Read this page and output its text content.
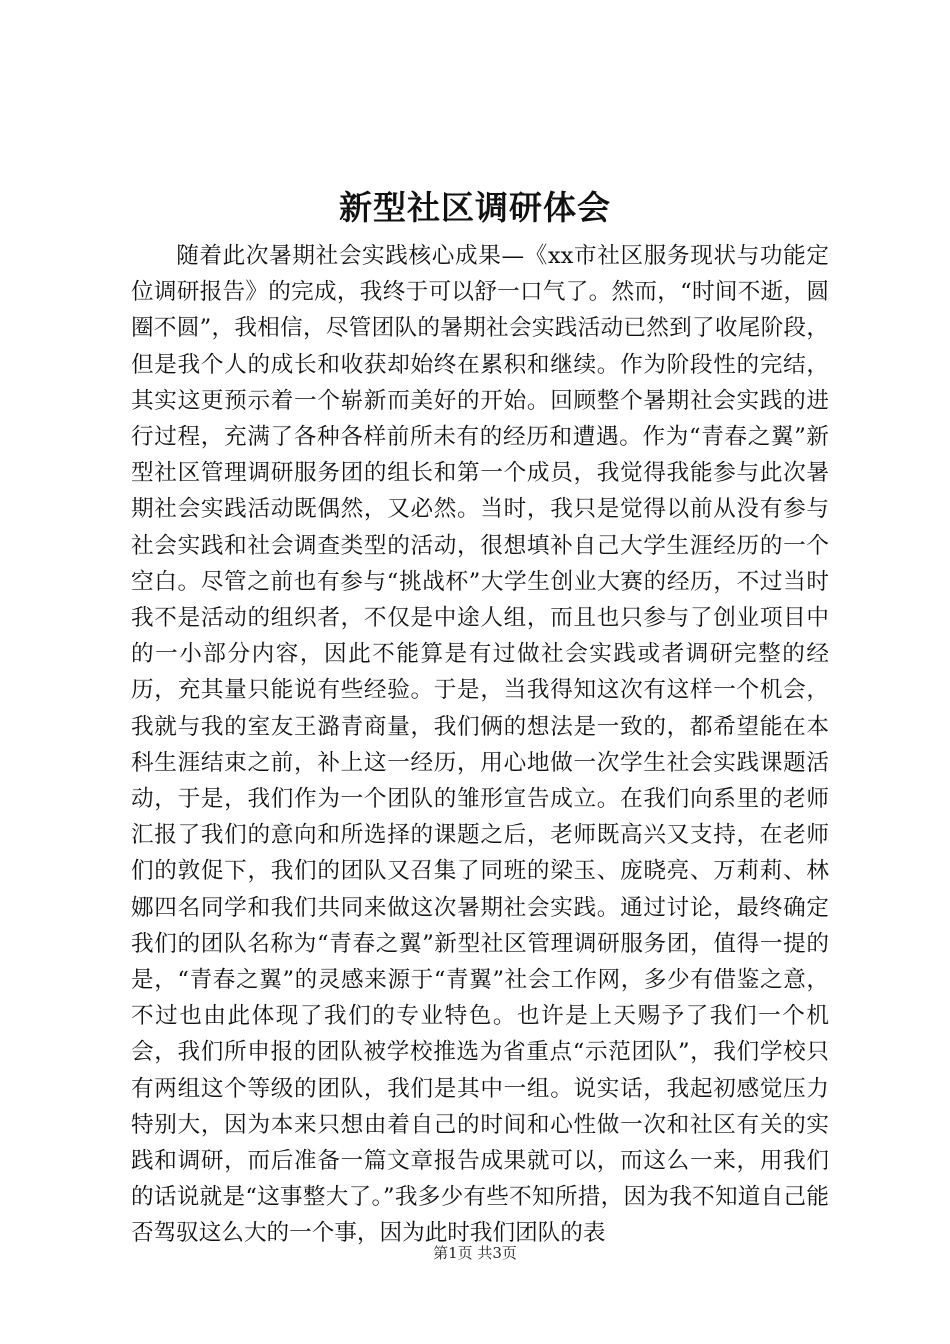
新型社区调研体会

随着此次暑期社会实践核心成果—《xx市社区服务现状与功能定位调研报告》的完成，我终于可以舒一口气了。然而，“时间不逝，圆圈不圆”，我相信，尽管团队的暑期社会实践活动已然到了收尾阶段，但是我个人的成长和收获却始终在累积和继续。作为阶段性的完结，其实这更预示着一个崭新而美好的开始。回顾整个暑期社会实践的进行过程，充满了各种各样前所未有的经历和遭遇。作为“青春之翼”新型社区管理调研服务团的组长和第一个成员，我觉得我能参与此次暑期社会实践活动既偶然，又必然。当时，我只是觉得以前从没有参与社会实践和社会调查类型的活动，很想填补自己大学生涯经历的一个空白。尽管之前也有参与“挑战杯”大学生创业大赛的经历，不过当时我不是活动的组织者，不仅是中途人组，而且也只参与了创业项目中的一小部分内容，因此不能算是有过做社会实践或者调研完整的经历，充其量只能说有些经验。于是，当我得知这次有这样一个机会，我就与我的室友王潞青商量，我们俩的想法是一致的，都希望能在本科生涯结束之前，补上这一经历，用心地做一次学生社会实践课题活动，于是，我们作为一个团队的雏形宣告成立。在我们向系里的老师汇报了我们的意向和所选择的课题之后，老师既高兴又支持，在老师们的敦促下，我们的团队又召集了同班的梁玉、庞晓亮、万莉莉、林娜四名同学和我们共同来做这次暑期社会实践。通过讨论，最终确定我们的团队名称为“青春之翼”新型社区管理调研服务团，值得一提的是，“青春之翼”的灵感来源于“青翼”社会工作网，多少有借鉴之意，不过也由此体现了我们的专业特色。也许是上天赐予了我们一个机会，我们所申报的团队被学校推选为省重点“示范团队”，我们学校只有两组这个等级的团队，我们是其中一组。说实话，我起初感觉压力特别大，因为本来只想由着自己的时间和心性做一次和社区有关的实践和调研，而后准备一篇文章报告成果就可以，而这么一来，用我们的话说就是“这事整大了。”我多少有些不知所措，因为我不知道自己能否驾驭这么大的一个事，因为此时我们团队的表

第1页 共3页
